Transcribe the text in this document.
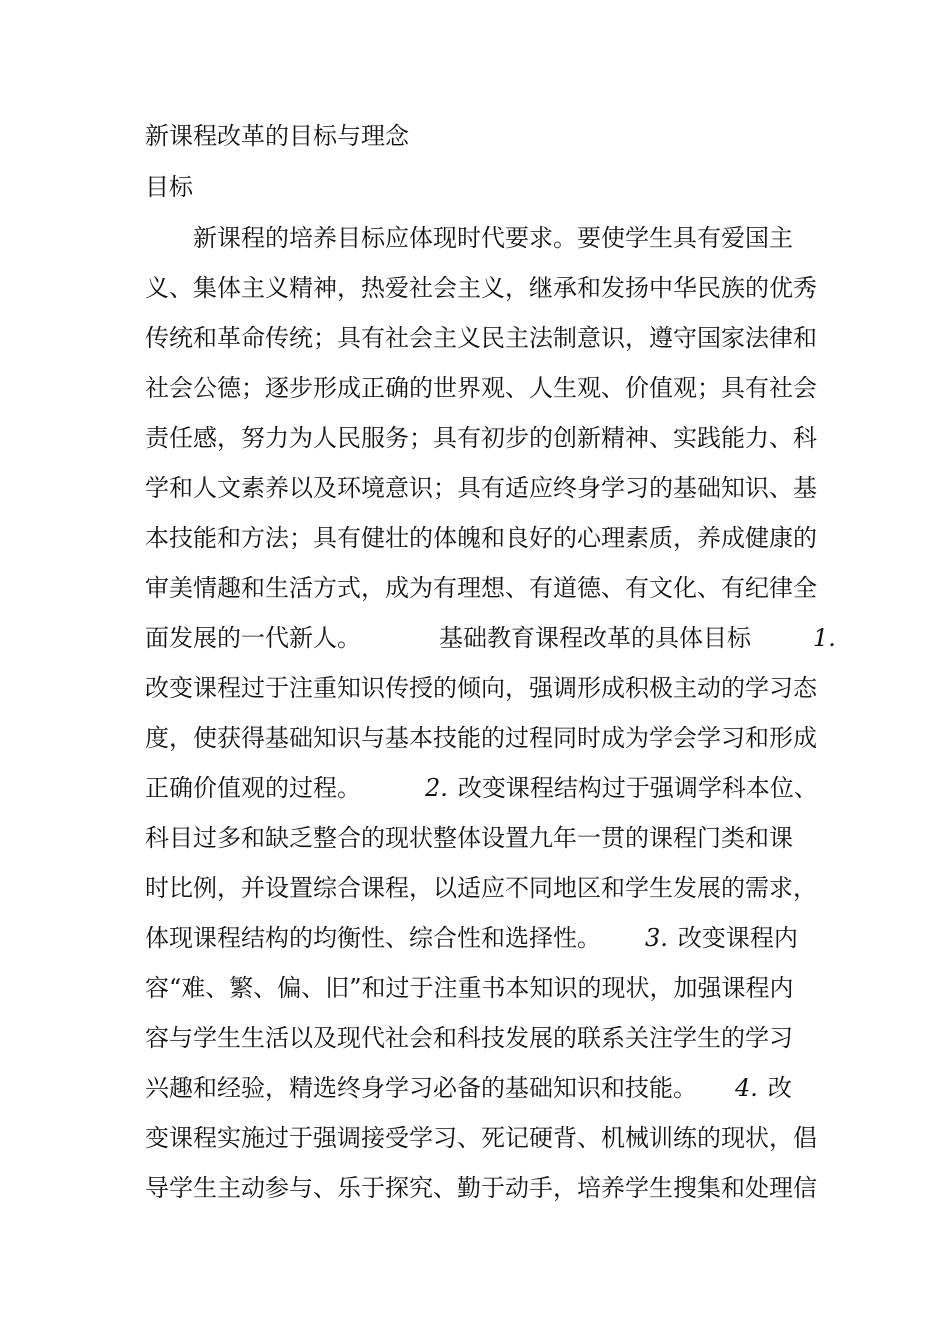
新课程改革的目标与理念
目标
新课程的培养目标应体现时代要求。要使学生具有爱国主
义、集体主义精神，热爱社会主义，继承和发扬中华民族的优秀
传统和革命传统；具有社会主义民主法制意识，遵守国家法律和
社会公德；逐步形成正确的世界观、人生观、价值观；具有社会
责任感，努力为人民服务；具有初步的创新精神、实践能力、科
学和人文素养以及环境意识；具有适应终身学习的基础知识、基
本技能和方法；具有健壮的体魄和良好的心理素质，养成健康的
审美情趣和生活方式，成为有理想、有道德、有文化、有纪律全
面发展的一代新人。	基础教育课程改革的具体目标	1.
改变课程过于注重知识传授的倾向，强调形成积极主动的学习态
度，使获得基础知识与基本技能的过程同时成为学会学习和形成
正确价值观的过程。	2. 改变课程结构过于强调学科本位、
科目过多和缺乏整合的现状整体设置九年一贯的课程门类和课
时比例，并设置综合课程，以适应不同地区和学生发展的需求，
体现课程结构的均衡性、综合性和选择性。 3. 改变课程内
容“难、繁、偏、旧”和过于注重书本知识的现状，加强课程内
容与学生生活以及现代社会和科技发展的联系关注学生的学习
兴趣和经验，精选终身学习必备的基础知识和技能。 4. 改
变课程实施过于强调接受学习、死记硬背、机械训练的现状，倡
导学生主动参与、乐于探究、勤于动手，培养学生搜集和处理信
